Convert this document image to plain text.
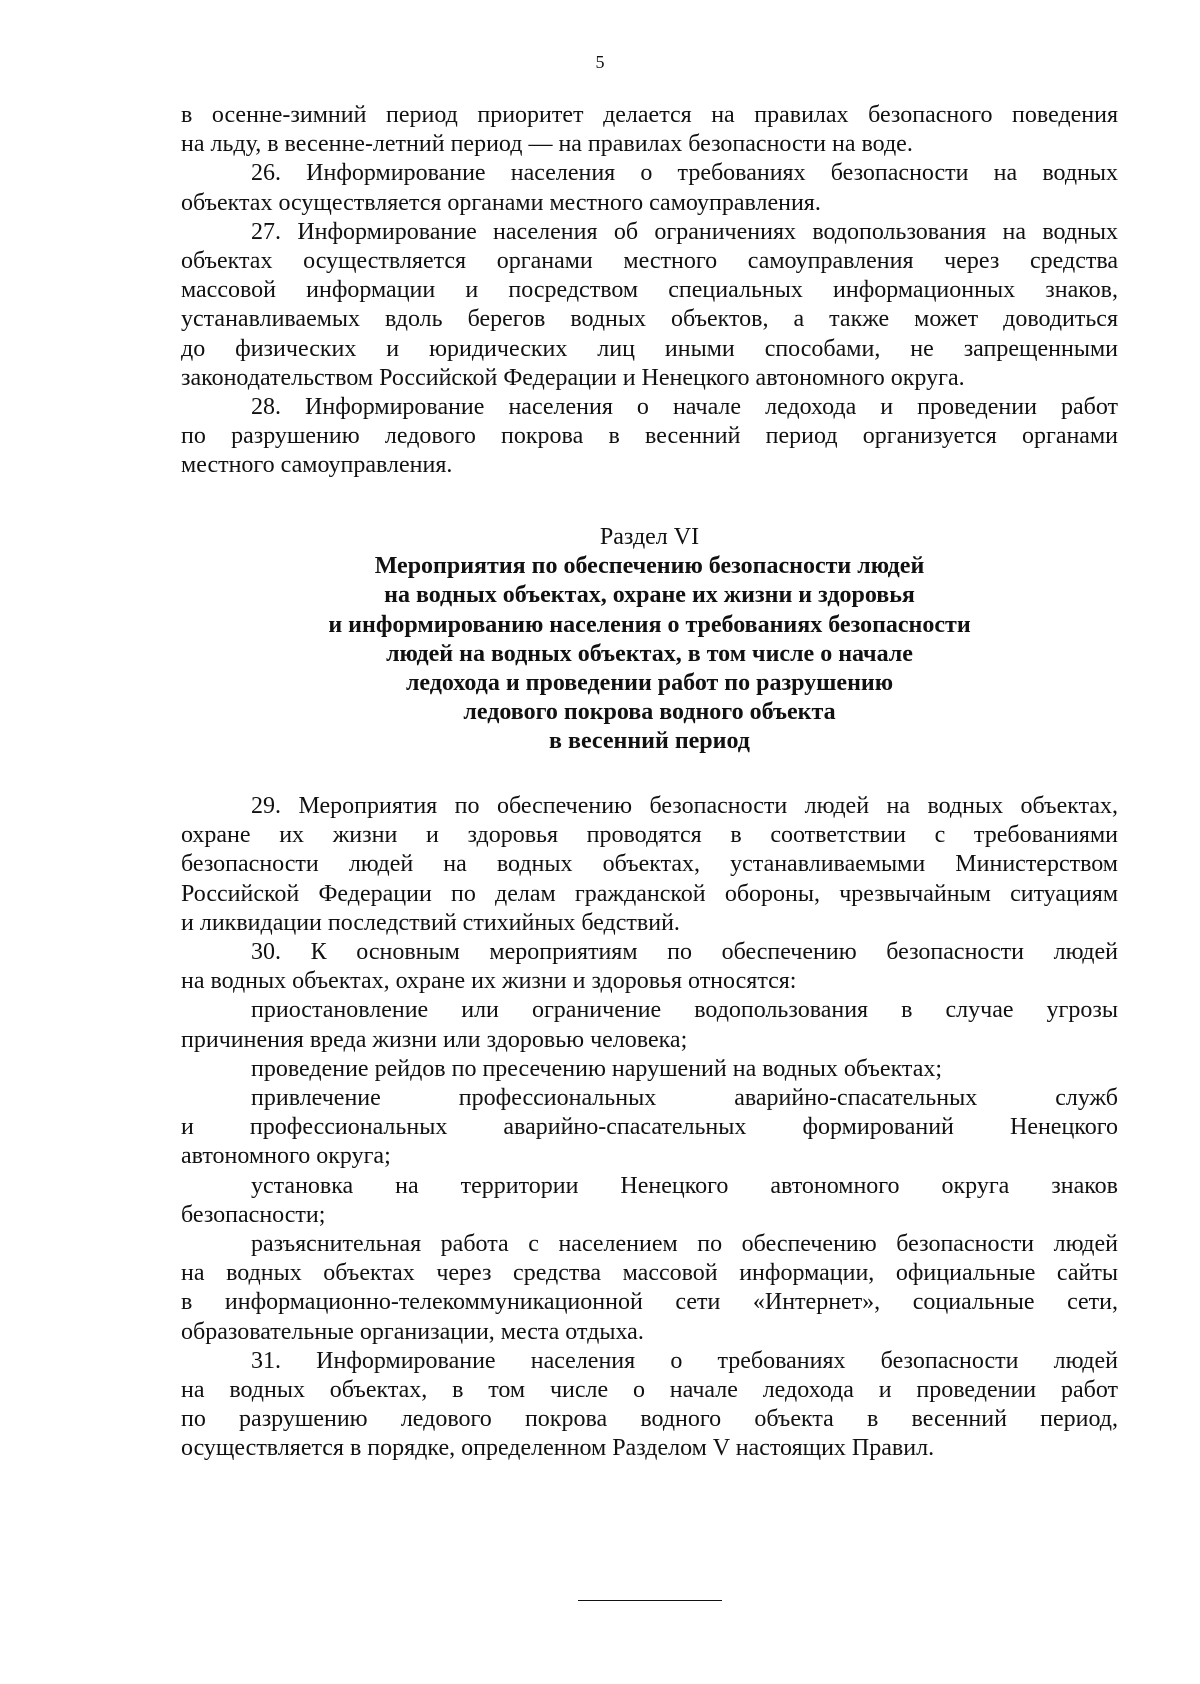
5

в осенне-зимний период приоритет делается на правилах безопасного поведения
на льду, в весенне-летний период — на правилах безопасности на воде.

26. Информирование населения о требованиях безопасности на водных
объектах осуществляется органами местного самоуправления.

27. Информирование населения об ограничениях водопользования на водных
объектах осуществляется органами местного самоуправления через средства
массовой информации и посредством специальных информационных знаков,
устанавливаемых вдоль берегов водных объектов, а также может доводиться
до физических и юридических лиц иными способами, не запрещенными
законодательством Российской Федерации и Ненецкого автономного округа.

28. Информирование населения о начале ледохода и проведении работ
по разрушению ледового покрова в весенний период организуется органами
местного самоуправления.

Раздел VI
Мероприятия по обеспечению безопасности людей
на водных объектах, охране их жизни и здоровья
и информированию населения о требованиях безопасности
людей на водных объектах, в том числе о начале
ледохода и проведении работ по разрушению
ледового покрова водного объекта
в весенний период

29. Мероприятия по обеспечению безопасности людей на водных объектах,
охране их жизни и здоровья проводятся в соответствии с требованиями
безопасности людей на водных объектах, устанавливаемыми Министерством
Российской Федерации по делам гражданской обороны, чрезвычайным ситуациям
и ликвидации последствий стихийных бедствий.

30. К основным мероприятиям по обеспечению безопасности людей
на водных объектах, охране их жизни и здоровья относятся:

приостановление или ограничение водопользования в случае угрозы
причинения вреда жизни или здоровью человека;

проведение рейдов по пресечению нарушений на водных объектах;

привлечение профессиональных аварийно-спасательных служб
и профессиональных аварийно-спасательных формирований Ненецкого
автономного округа;

установка на территории Ненецкого автономного округа знаков
безопасности;

разъяснительная работа с населением по обеспечению безопасности людей
на водных объектах через средства массовой информации, официальные сайты
в информационно-телекоммуникационной сети «Интернет», социальные сети,
образовательные организации, места отдыха.

31. Информирование населения о требованиях безопасности людей
на водных объектах, в том числе о начале ледохода и проведении работ
по разрушению ледового покрова водного объекта в весенний период,
осуществляется в порядке, определенном Разделом V настоящих Правил.
